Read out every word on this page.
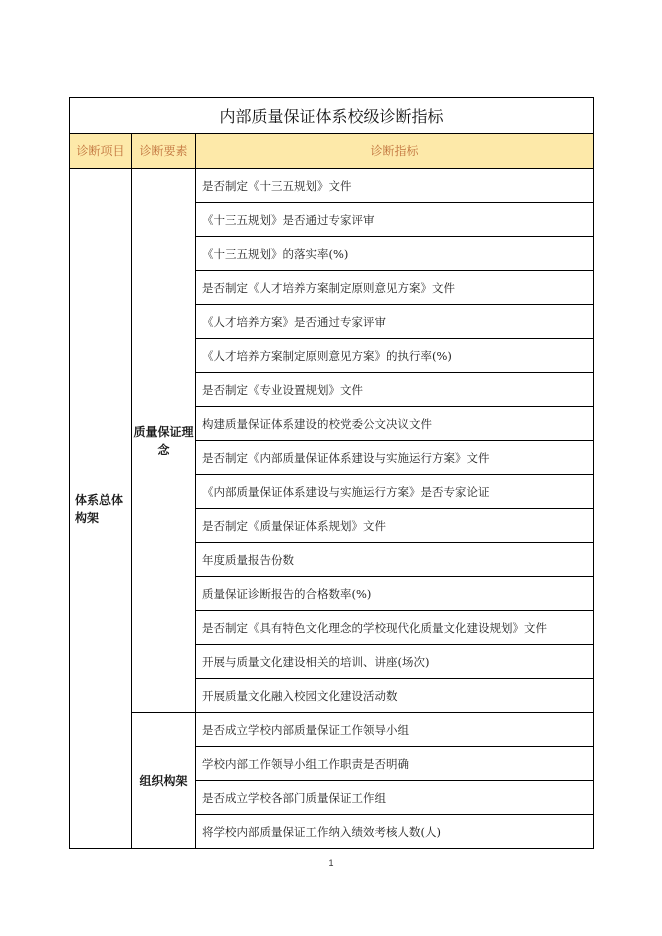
内部质量保证体系校级诊断指标		
诊断项目	诊断要素	诊断指标
体系总体构架	质量保证理念	是否制定《十三五规划》文件
		《十三五规划》是否通过专家评审
		《十三五规划》的落实率(%)
		是否制定《人才培养方案制定原则意见方案》文件
		《人才培养方案》是否通过专家评审
		《人才培养方案制定原则意见方案》的执行率(%)
		是否制定《专业设置规划》文件
		构建质量保证体系建设的校党委公文决议文件
		是否制定《内部质量保证体系建设与实施运行方案》文件
		《内部质量保证体系建设与实施运行方案》是否专家论证
		是否制定《质量保证体系规划》文件
		年度质量报告份数
		质量保证诊断报告的合格数率(%)
		是否制定《具有特色文化理念的学校现代化质量文化建设规划》文件
		开展与质量文化建设相关的培训、讲座(场次)
		开展质量文化融入校园文化建设活动数
	组织构架	是否成立学校内部质量保证工作领导小组
		学校内部工作领导小组工作职责是否明确
		是否成立学校各部门质量保证工作组
		将学校内部质量保证工作纳入绩效考核人数(人)
1
